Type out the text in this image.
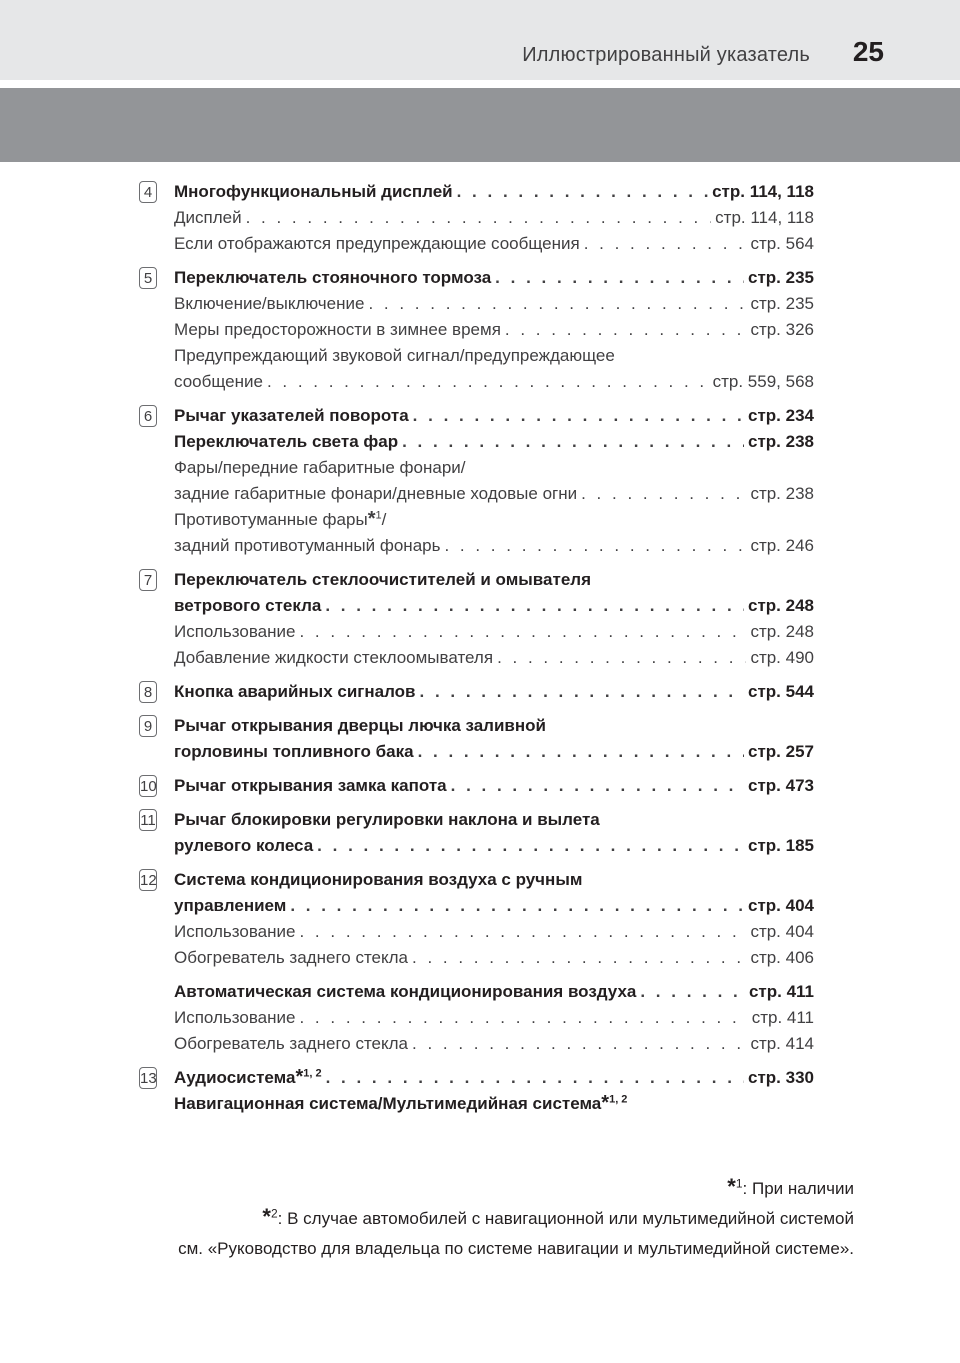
Иллюстрированный указатель 25
4 Многофункциональный дисплей . . .	стр. 114, 118
Дисплей . . .	стр. 114, 118
Если отображаются предупреждающие сообщения . . .	стр. 564
5 Переключатель стояночного тормоза . . .	стр. 235
Включение/выключение . . .	стр. 235
Меры предосторожности в зимнее время . . .	стр. 326
Предупреждающий звуковой сигнал/предупреждающее
сообщение . . .	стр. 559, 568
6 Рычаг указателей поворота . . .	стр. 234
Переключатель света фар . . .	стр. 238
Фары/передние габаритные фонари/
задние габаритные фонари/дневные ходовые огни . . .	стр. 238
Противотуманные фары*$^1$/
задний противотуманный фонарь . . .	стр. 246
7 Переключатель стеклоочистителей и омывателя
ветрового стекла . . .	стр. 248
Использование . . .	стр. 248
Добавление жидкости стеклоомывателя . . .	стр. 490
8 Кнопка аварийных сигналов . . .	стр. 544
9 Рычаг открывания дверцы лючка заливной
горловины топливного бака . . .	стр. 257
10 Рычаг открывания замка капота . . .	стр. 473
11 Рычаг блокировки регулировки наклона и вылета
рулевого колеса . . .	стр. 185
12 Система кондиционирования воздуха с ручным
управлением . . .	стр. 404
Использование . . .	стр. 404
Обогреватель заднего стекла . . .	стр. 406
Автоматическая система кондиционирования воздуха . . .	стр. 411
Использование . . .	стр. 411
Обогреватель заднего стекла . . .	стр. 414
13 Аудиосистема*$^{1, 2}$ . . .	стр. 330
Навигационная система/Мультимедийная система*$^{1, 2}$

*$^1$: При наличии

*$^2$: В случае автомобилей с навигационной или мультимедийной системой

см. «Руководство для владельца по системе навигации и мультимедийной системе».
